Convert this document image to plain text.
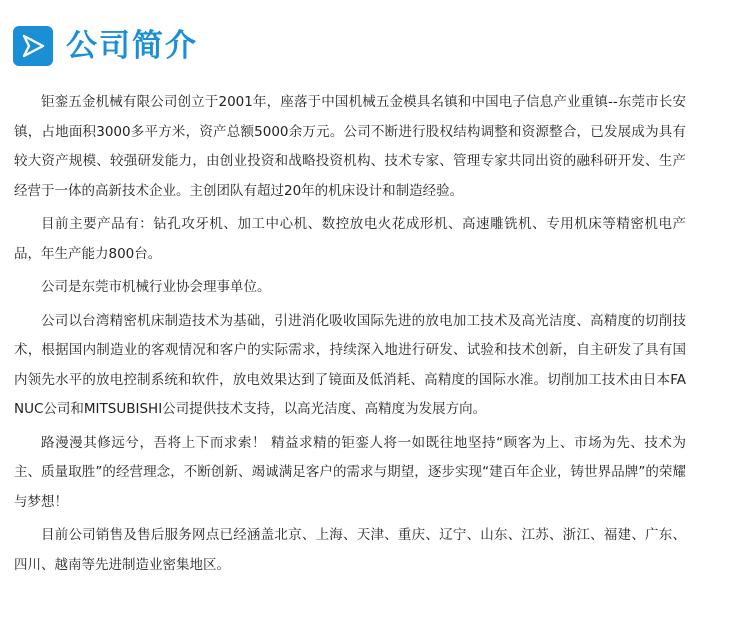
公司简介

钜銮五金机械有限公司创立于2001年，座落于中国机械五金模具名镇和中国电子信息产业重镇--东莞市长安镇，占地面积3000多平方米，资产总额5000余万元。公司不断进行股权结构调整和资源整合，已发展成为具有较大资产规模、较强研发能力，由创业投资和战略投资机构、技术专家、管理专家共同出资的融科研开发、生产经营于一体的高新技术企业。主创团队有超过20年的机床设计和制造经验。

目前主要产品有：钻孔攻牙机、加工中心机、数控放电火花成形机、高速雕铣机、专用机床等精密机电产品，年生产能力800台。

公司是东莞市机械行业协会理事单位。

公司以台湾精密机床制造技术为基础，引进消化吸收国际先进的放电加工技术及高光洁度、高精度的切削技术，根据国内制造业的客观情况和客户的实际需求，持续深入地进行研发、试验和技术创新，自主研发了具有国内领先水平的放电控制系统和软件，放电效果达到了镜面及低消耗、高精度的国际水准。切削加工技术由日本FANUC公司和MITSUBISHI公司提供技术支持，以高光洁度、高精度为发展方向。

路漫漫其修远兮，吾将上下而求索！ 精益求精的钜銮人将一如既往地坚持“顾客为上、市场为先、技术为主、质量取胜”的经营理念，不断创新、竭诚满足客户的需求与期望，逐步实现“建百年企业，铸世界品牌”的荣耀与梦想！

目前公司销售及售后服务网点已经涵盖北京、上海、天津、重庆、辽宁、山东、江苏、浙江、福建、广东、四川、越南等先进制造业密集地区。
